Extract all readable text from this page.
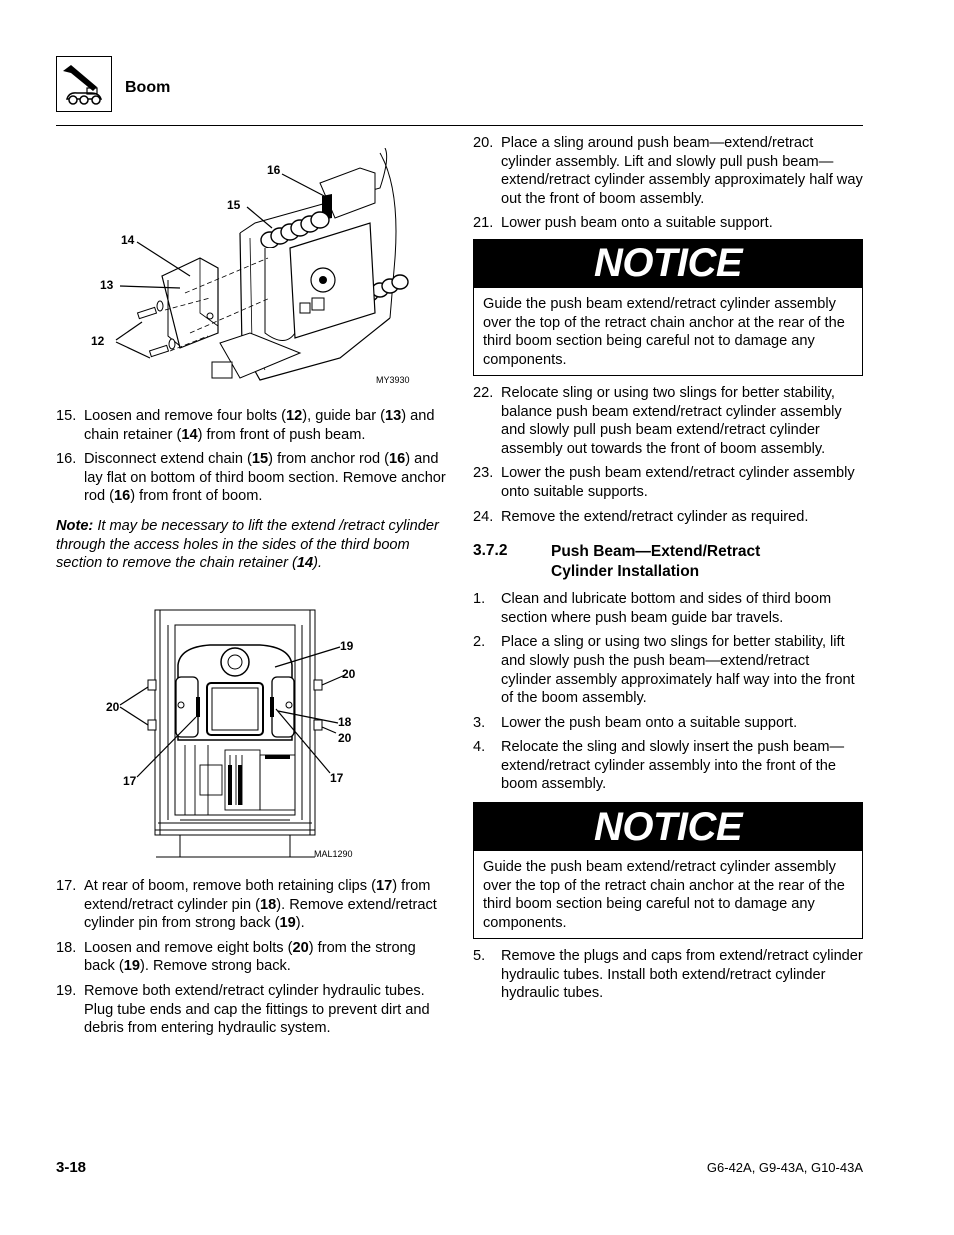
Boom
16
15
14
13
12
MY3930
15. Loosen and remove four bolts (12), guide bar (13) and chain retainer (14) from front of push beam.
16. Disconnect extend chain (15) from anchor rod (16) and lay flat on bottom of third boom section. Remove anchor rod (16) from front of boom.
Note: It may be necessary to lift the extend /retract cylinder through the access holes in the sides of the third boom section to remove the chain retainer (14).
19
20
20
18
20
17	17
MAL1290
17. At rear of boom, remove both retaining clips (17) from extend/retract cylinder pin (18). Remove extend/retract cylinder pin from strong back (19).
18. Loosen and remove eight bolts (20) from the strong back (19). Remove strong back.
19. Remove both extend/retract cylinder hydraulic tubes. Plug tube ends and cap the fittings to prevent dirt and debris from entering hydraulic system.
20. Place a sling around push beam—extend/retract cylinder assembly. Lift and slowly pull push beam—extend/retract cylinder assembly approximately half way out the front of boom assembly.
21. Lower push beam onto a suitable support.
NOTICE
Guide the push beam extend/retract cylinder assembly over the top of the retract chain anchor at the rear of the third boom section being careful not to damage any components.
22. Relocate sling or using two slings for better stability, balance push beam extend/retract cylinder assembly and slowly pull push beam extend/retract cylinder assembly out towards the front of boom assembly.
23. Lower the push beam extend/retract cylinder assembly onto suitable supports.
24. Remove the extend/retract cylinder as required.
3.7.2	Push Beam—Extend/Retract
Cylinder Installation
1. Clean and lubricate bottom and sides of third boom section where push beam guide bar travels.
2. Place a sling or using two slings for better stability, lift and slowly push the push beam—extend/retract cylinder assembly approximately half way into the front of the boom assembly.
3. Lower the push beam onto a suitable support.
4. Relocate the sling and slowly insert the push beam—extend/retract cylinder assembly into the front of the boom assembly.
NOTICE
Guide the push beam extend/retract cylinder assembly over the top of the retract chain anchor at the rear of the third boom section being careful not to damage any components.
5. Remove the plugs and caps from extend/retract cylinder hydraulic tubes. Install both extend/retract cylinder hydraulic tubes.
3-18	G6-42A, G9-43A, G10-43A
